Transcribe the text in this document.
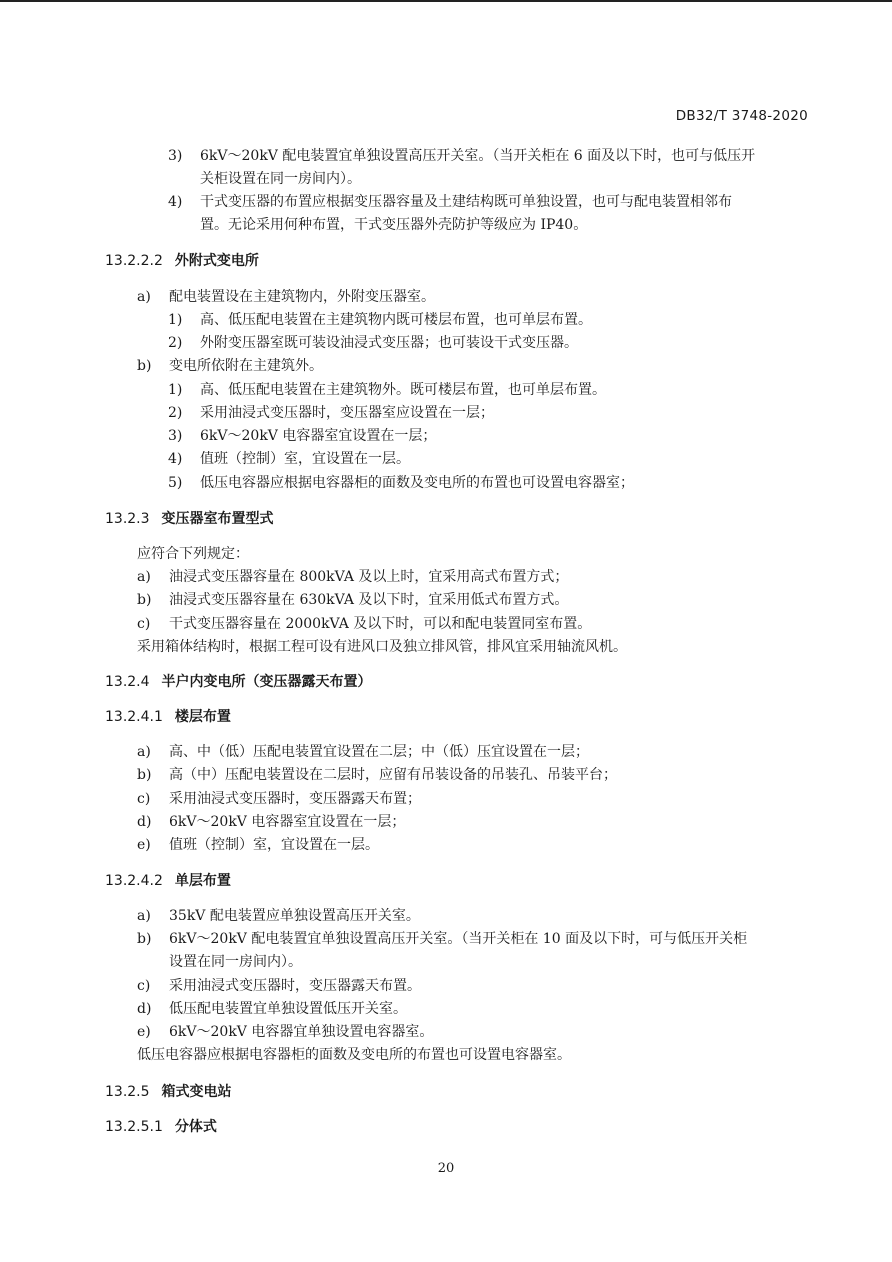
DB32/T 3748-2020
3) 6kV～20kV 配电装置宜单独设置高压开关室。（当开关柜在 6 面及以下时，也可与低压开
关柜设置在同一房间内）。
4) 干式变压器的布置应根据变压器容量及土建结构既可单独设置，也可与配电装置相邻布
置。无论采用何种布置，干式变压器外壳防护等级应为 IP40。
13.2.2.2 外附式变电所
a) 配电装置设在主建筑物内，外附变压器室。
1) 高、低压配电装置在主建筑物内既可楼层布置，也可单层布置。
2) 外附变压器室既可装设油浸式变压器；也可装设干式变压器。
b) 变电所依附在主建筑外。
1) 高、低压配电装置在主建筑物外。既可楼层布置，也可单层布置。
2) 采用油浸式变压器时，变压器室应设置在一层；
3) 6kV～20kV 电容器室宜设置在一层；
4) 值班（控制）室，宜设置在一层。
5) 低压电容器应根据电容器柜的面数及变电所的布置也可设置电容器室；
13.2.3 变压器室布置型式
应符合下列规定：
a) 油浸式变压器容量在 800kVA 及以上时，宜采用高式布置方式；
b) 油浸式变压器容量在 630kVA 及以下时，宜采用低式布置方式。
c) 干式变压器容量在 2000kVA 及以下时，可以和配电装置同室布置。
采用箱体结构时，根据工程可设有进风口及独立排风管，排风宜采用轴流风机。
13.2.4 半户内变电所（变压器露天布置）
13.2.4.1 楼层布置
a) 高、中（低）压配电装置宜设置在二层；中（低）压宜设置在一层；
b) 高（中）压配电装置设在二层时，应留有吊装设备的吊装孔、吊装平台；
c) 采用油浸式变压器时，变压器露天布置；
d) 6kV～20kV 电容器室宜设置在一层；
e) 值班（控制）室，宜设置在一层。
13.2.4.2 单层布置
a) 35kV 配电装置应单独设置高压开关室。
b) 6kV～20kV 配电装置宜单独设置高压开关室。（当开关柜在 10 面及以下时，可与低压开关柜
设置在同一房间内）。
c) 采用油浸式变压器时，变压器露天布置。
d) 低压配电装置宜单独设置低压开关室。
e) 6kV～20kV 电容器宜单独设置电容器室。
低压电容器应根据电容器柜的面数及变电所的布置也可设置电容器室。
13.2.5 箱式变电站
13.2.5.1 分体式
20
